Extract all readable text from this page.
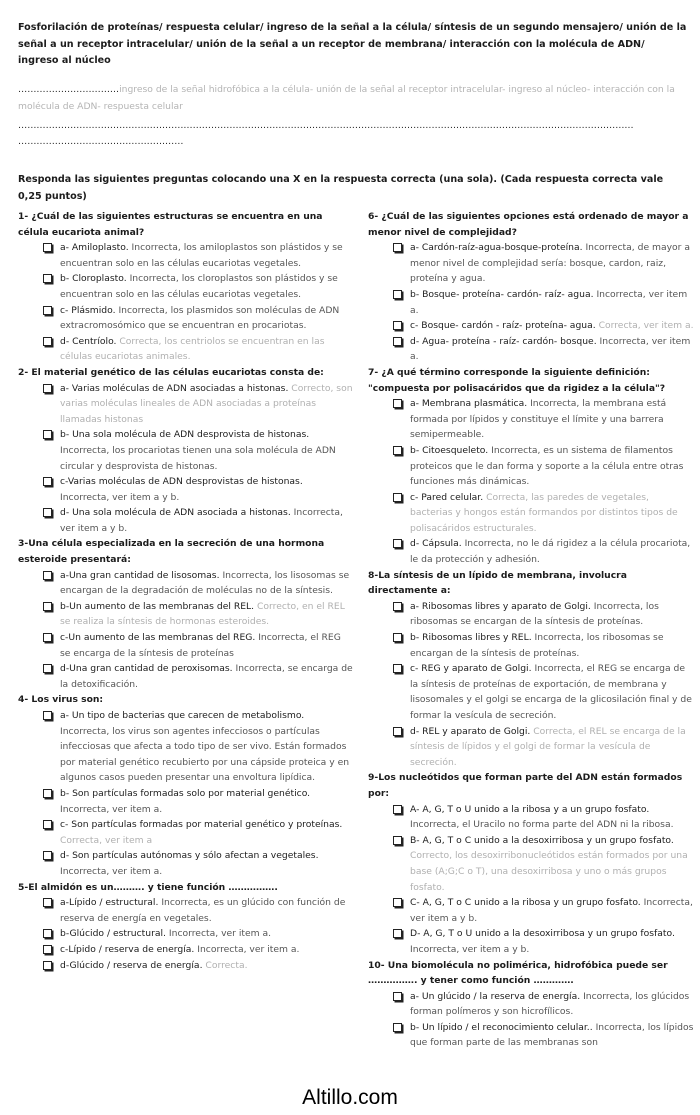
Fosforilación de proteínas/ respuesta celular/ ingreso de la señal a la célula/ síntesis de un segundo mensajero/ unión de la señal a un receptor intracelular/ unión de la señal a un receptor de membrana/ interacción con la molécula de ADN/ ingreso al núcleo
……………………………ingreso de la señal hidrofóbica a la célula- unión de la señal al receptor intracelular- ingreso al núcleo- interacción con la molécula de ADN- respuesta celular
…………………………………………………………………………………………………………………………………………………………………………………
………………………………………………
Responda las siguientes preguntas colocando una X en la respuesta correcta (una sola). (Cada respuesta correcta vale 0,25 puntos)
1- ¿Cuál de las siguientes estructuras se encuentra en una célula eucariota animal?
a- Amiloplasto. Incorrecta, los amiloplastos son plástidos y se encuentran solo en las células eucariotas vegetales.
b- Cloroplasto. Incorrecta, los cloroplastos son plástidos y se encuentran solo en las células eucariotas vegetales.
c- Plásmido. Incorrecta, los plasmidos son moléculas de ADN extracromosómico que se encuentran en procariotas.
d- Centríolo. Correcta, los centriolos se encuentran en las células eucariotas animales.
2- El material genético de las células eucariotas consta de:
a- Varias moléculas de ADN asociadas a histonas. Correcto, son varias moléculas lineales de ADN asociadas a proteínas llamadas histonas
b- Una sola molécula de ADN desprovista de histonas. Incorrecta, los procariotas tienen una sola molécula de ADN circular y desprovista de histonas.
c-Varias moléculas de ADN desprovistas de histonas. Incorrecta, ver item a y b.
d- Una sola molécula de ADN asociada a histonas. Incorrecta, ver item a y b.
3-Una célula especializada en la secreción de una hormona esteroide presentará:
a-Una gran cantidad de lisosomas. Incorrecta, los lisosomas se encargan de la degradación de moléculas no de la síntesis.
b-Un aumento de las membranas del REL. Correcto, en el REL se realiza la síntesis de hormonas esteroides.
c-Un aumento de las membranas del REG. Incorrecta, el REG se encarga de la síntesis de proteínas
d-Una gran cantidad de peroxisomas. Incorrecta, se encarga de la detoxificación.
4- Los virus son:
a- Un tipo de bacterias que carecen de metabolismo. Incorrecta, los virus son agentes infecciosos o partículas infecciosas que afecta a todo tipo de ser vivo. Están formados por material genético recubierto por una cápside proteica y en algunos casos pueden presentar una envoltura lipídica.
b- Son partículas formadas solo por material genético. Incorrecta, ver item a.
c- Son partículas formadas por material genético y proteínas. Correcta, ver item a
d- Son partículas autónomas y sólo afectan a vegetales. Incorrecta, ver item a.
5-El almidón es un………. y tiene función …………….
a-Lípido / estructural. Incorrecta, es un glúcido con función de reserva de energía en vegetales.
b-Glúcido / estructural. Incorrecta, ver item a.
c-Lípido / reserva de energía. Incorrecta, ver item a.
d-Glúcido / reserva de energía. Correcta.
6- ¿Cuál de las siguientes opciones está ordenado de mayor a menor nivel de complejidad?
a- Cardón-raíz-agua-bosque-proteína. Incorrecta, de mayor a menor nivel de complejidad sería: bosque, cardon, raiz, proteína y agua.
b- Bosque- proteína- cardón- raíz- agua. Incorrecta, ver item a.
c- Bosque- cardón - raíz- proteína- agua. Correcta, ver item a.
d- Agua- proteína - raíz- cardón- bosque. Incorrecta, ver item a.
7- ¿A qué término corresponde la siguiente definición: "compuesta por polisacáridos que da rigidez a la célula"?
a- Membrana plasmática. Incorrecta, la membrana está formada por lípidos y constituye el límite y una barrera semipermeable.
b- Citoesqueleto. Incorrecta, es un sistema de filamentos proteicos que le dan forma y soporte a la célula entre otras funciones más dinámicas.
c- Pared celular. Correcta, las paredes de vegetales, bacterias y hongos están formandos por distintos tipos de polisacáridos estructurales.
d- Cápsula. Incorrecta, no le dá rigidez a la célula procariota, le da protección y adhesión.
8-La síntesis de un lípido de membrana, involucra directamente a:
a- Ribosomas libres y aparato de Golgi. Incorrecta, los ribosomas se encargan de la síntesis de proteínas.
b- Ribosomas libres y REL. Incorrecta, los ribosomas se encargan de la síntesis de proteínas.
c- REG y aparato de Golgi. Incorrecta, el REG se encarga de la síntesis de proteínas de exportación, de membrana y lisosomales y el golgi se encarga de la glicosilación final y de formar la vesícula de secreción.
d- REL y aparato de Golgi. Correcta, el REL se encarga de la síntesis de lípidos y el golgi de formar la vesícula de secreción.
9-Los nucleótidos que forman parte del ADN están formados por:
A- A, G, T o U unido a la ribosa y a un grupo fosfato. Incorrecta, el Uracilo no forma parte del ADN ni la ribosa.
B- A, G, T o C unido a la desoxirribosa y un grupo fosfato. Correcto, los desoxirribonucleótidos están formados por una base (A;G;C o T), una desoxirribosa y uno o más grupos fosfato.
C- A, G, T o C unido a la ribosa y un grupo fosfato. Incorrecta, ver item a y b.
D- A, G, T o U unido a la desoxirribosa y un grupo fosfato. Incorrecta, ver item a y b.
10- Una biomolécula no polimérica, hidrofóbica puede ser ……………. y tener como función ………….
a- Un glúcido / la reserva de energía. Incorrecta, los glúcidos forman polímeros y son hicrofílicos.
b- Un lípido / el reconocimiento celular.. Incorrecta, los lípidos que forman parte de las membranas son
Altillo.com
